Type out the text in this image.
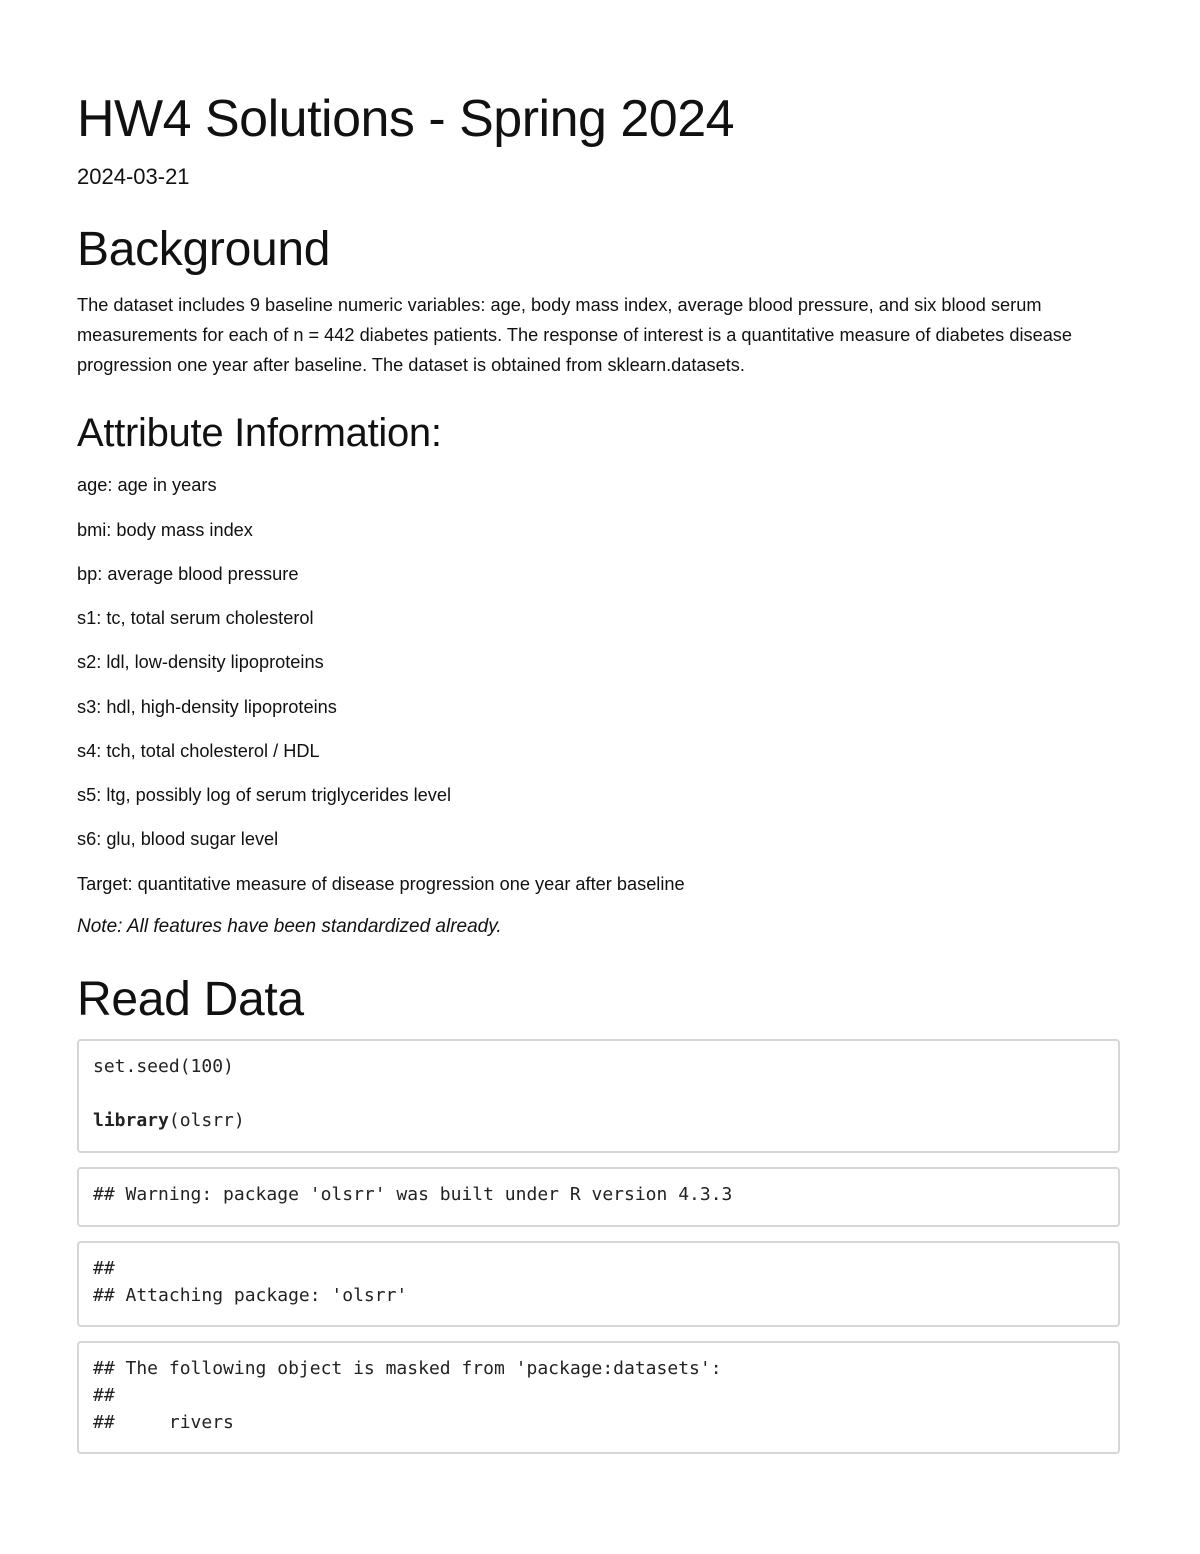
HW4 Solutions - Spring 2024
2024-03-21
Background

The dataset includes 9 baseline numeric variables: age, body mass index, average blood pressure, and six blood serum measurements for each of n = 442 diabetes patients. The response of interest is a quantitative measure of diabetes disease progression one year after baseline. The dataset is obtained from sklearn.datasets.

Attribute Information:
age: age in years
bmi: body mass index
bp: average blood pressure
s1: tc, total serum cholesterol
s2: ldl, low-density lipoproteins
s3: hdl, high-density lipoproteins
s4: tch, total cholesterol / HDL
s5: ltg, possibly log of serum triglycerides level
s6: glu, blood sugar level
Target: quantitative measure of disease progression one year after baseline
Note: All features have been standardized already.
Read Data
set.seed(100)

library(olsrr)
## Warning: package 'olsrr' was built under R version 4.3.3
##
## Attaching package: 'olsrr'
## The following object is masked from 'package:datasets':
##
##     rivers
